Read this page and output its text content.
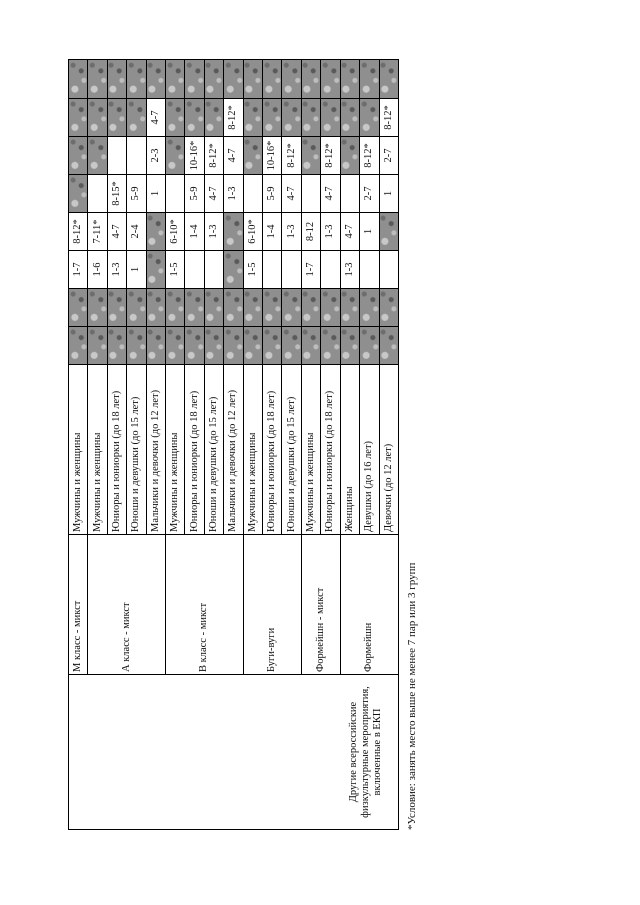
Другие всероссийские физкультурные мероприятия, включенные в ЕКП	М класс - микст	Мужчины и женщины			1-7	8-12*				
	А класс - микст	Мужчины и женщины			1-6	7-11*				
		Юниоры и юниорки (до 18 лет)			1-3	4-7	8-15*			
		Юноши и девушки (до 15 лет)			1	2-4	5-9			
		Мальчики и девочки (до 12 лет)					1	2-3	4-7	
	В класс - микст	Мужчины и женщины			1-5	6-10*				
		Юниоры и юниорки (до 18 лет)				1-4	5-9	10-16*		
		Юноши и девушки (до 15 лет)				1-3	4-7	8-12*		
		Мальчики и девочки (до 12 лет)					1-3	4-7	8-12*	
	Буги-вуги	Мужчины и женщины			1-5	6-10*				
		Юниоры и юниорки (до 18 лет)				1-4	5-9	10-16*		
		Юноши и девушки (до 15 лет)				1-3	4-7	8-12*		
	Формейшн - микст	Мужчины и женщины			1-7	8-12				
		Юниоры и юниорки (до 18 лет)				1-3	4-7	8-12*		
	Формейшн	Женщины			1-3	4-7				
		Девушки (до 16 лет)				1	2-7	8-12*		
		Девочки (до 12 лет)					1	2-7	8-12*	
*Условие: занять место выше не менее 7 пар или 3 групп
